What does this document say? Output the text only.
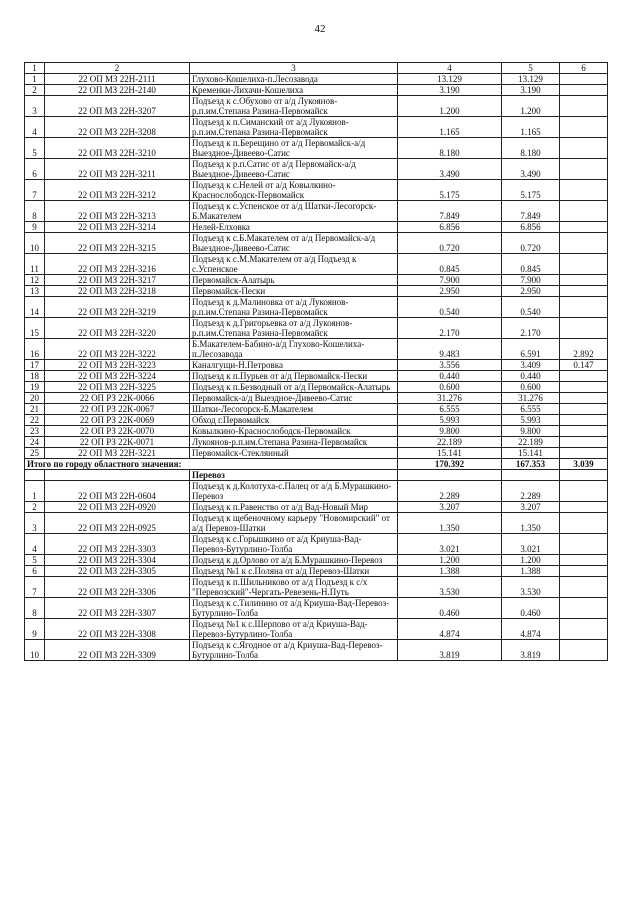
42
1	2	3	4	5	6
1	22 ОП МЗ 22Н-2111	Глухово-Кошелиха-п.Лесозавода	13.129	13.129	
2	22 ОП МЗ 22Н-2140	Кременки-Лихачи-Кошелиха	3.190	3.190	
3	22 ОП МЗ 22Н-3207	Подъезд к с.Обухово от а/д Лукоянов-р.п.им.Степана Разина-Первомайск	1.200	1.200	
4	22 ОП МЗ 22Н-3208	Подъезд к п.Симанский от а/д Лукоянов-р.п.им.Степана Разина-Первомайск	1.165	1.165	
5	22 ОП МЗ 22Н-3210	Подъезд к п.Берещино от а/д Первомайск-а/д Выездное-Дивеево-Сатис	8.180	8.180	
6	22 ОП МЗ 22Н-3211	Подъезд к р.п.Сатис от а/д Первомайск-а/д Выездное-Дивеево-Сатис	3.490	3.490	
7	22 ОП МЗ 22Н-3212	Подъезд к с.Нелей от а/д Ковылкино-Краснослободск-Первомайск	5.175	5.175	
8	22 ОП МЗ 22Н-3213	Подъезд к с.Успенское от а/д Шатки-Лесогорск-Б.Макателем	7.849	7.849	
9	22 ОП МЗ 22Н-3214	Нелей-Елховка	6.856	6.856	
10	22 ОП МЗ 22Н-3215	Подъезд к с.Б.Макателем от а/д Первомайск-а/д Выездное-Дивеево-Сатис	0.720	0.720	
11	22 ОП МЗ 22Н-3216	Подъезд к с.М.Макателем от а/д Подъезд к с.Успенское	0.845	0.845	
12	22 ОП МЗ 22Н-3217	Первомайск-Алатырь	7.900	7.900	
13	22 ОП МЗ 22Н-3218	Первомайск-Пески	2.950	2.950	
14	22 ОП МЗ 22Н-3219	Подъезд к д.Малиновка от а/д Лукоянов-р.п.им.Степана Разина-Первомайск	0.540	0.540	
15	22 ОП МЗ 22Н-3220	Подъезд к д.Григорьевка от а/д Лукоянов-р.п.им.Степана Разина-Первомайск	2.170	2.170	
16	22 ОП МЗ 22Н-3222	Б.Макателем-Бабино-а/д Глухово-Кошелиха-п.Лесозавода	9.483	6.591	2.892
17	22 ОП МЗ 22Н-3223	Каналгущи-Н.Петровка	3.556	3.409	0.147
18	22 ОП МЗ 22Н-3224	Подъезд к п.Пурьев от а/д Первомайск-Пески	0.440	0.440	
19	22 ОП МЗ 22Н-3225	Подъезд к п.Безводный от а/д Первомайск-Алатырь	0.600	0.600	
20	22 ОП РЗ 22К-0066	Первомайск-а/д Выездное-Дивеево-Сатис	31.276	31.276	
21	22 ОП РЗ 22К-0067	Шатки-Лесогорск-Б.Макателем	6.555	6.555	
22	22 ОП РЗ 22К-0069	Обход г.Первомайск	5.993	5.993	
23	22 ОП РЗ 22К-0070	Ковылкино-Краснослободск-Первомайск	9.800	9.800	
24	22 ОП РЗ 22К-0071	Лукоянов-р.п.им.Степана Разина-Первомайск	22.189	22.189	
25	22 ОП МЗ 22Н-3221	Первомайск-Стеклянный	15.141	15.141	
Итого по городу областного значения:			170.392	167.353	3.039
		Перевоз			
1	22 ОП МЗ 22Н-0604	Подъезд к д.Колотуха-с.Палец от а/д Б.Мурашкино-Перевоз	2.289	2.289	
2	22 ОП МЗ 22Н-0920	Подъезд к п.Равенство от а/д Вад-Новый Мир	3.207	3.207	
3	22 ОП МЗ 22Н-0925	Подъезд к щебеночному карьеру "Новомирский" от а/д Перевоз-Шатки	1.350	1.350	
4	22 ОП МЗ 22Н-3303	Подъезд к с.Горышкино от а/д Криуша-Вад-Перевоз-Бутурлино-Толба	3.021	3.021	
5	22 ОП МЗ 22Н-3304	Подъезд к д.Орлово от а/д Б.Мурашкино-Перевоз	1.200	1.200	
6	22 ОП МЗ 22Н-3305	Подъезд №1 к с.Поляна от а/д Перевоз-Шатки	1.388	1.388	
7	22 ОП МЗ 22Н-3306	Подъезд к п.Шильниково от а/д Подъезд к с/х "Перевозский"-Чергать-Ревезень-Н.Путь	3.530	3.530	
8	22 ОП МЗ 22Н-3307	Подъезд к с.Тилинино от а/д Криуша-Вад-Перевоз-Бутурлино-Толба	0.460	0.460	
9	22 ОП МЗ 22Н-3308	Подъезд №1 к с.Шерпово от а/д Криуша-Вад-Перевоз-Бутурлино-Толба	4.874	4.874	
10	22 ОП МЗ 22Н-3309	Подъезд к с.Ягодное от а/д Криуша-Вад-Перевоз-Бутурлино-Толба	3.819	3.819	
